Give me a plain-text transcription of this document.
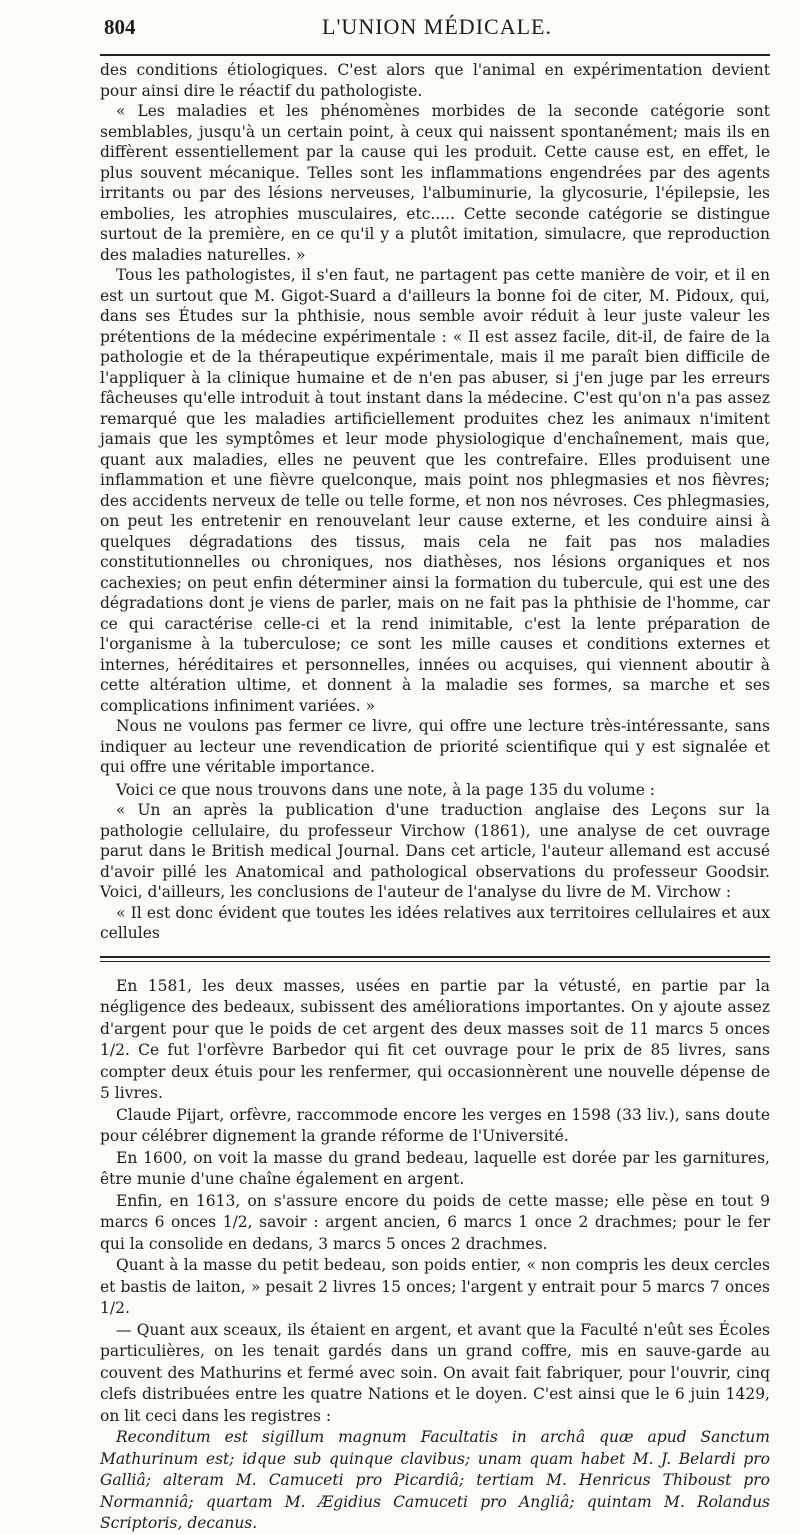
804	L'UNION MÉDICALE.

des conditions étiologiques. C'est alors que l'animal en expérimentation devient pour ainsi dire le réactif du pathologiste.

« Les maladies et les phénomènes morbides de la seconde catégorie sont semblables, jusqu'à un certain point, à ceux qui naissent spontanément; mais ils en diffèrent essentiellement par la cause qui les produit. Cette cause est, en effet, le plus souvent mécanique. Telles sont les inflammations engendrées par des agents irritants ou par des lésions nerveuses, l'albuminurie, la glycosurie, l'épilepsie, les embolies, les atrophies musculaires, etc..... Cette seconde catégorie se distingue surtout de la première, en ce qu'il y a plutôt imitation, simulacre, que reproduction des maladies naturelles. »

Tous les pathologistes, il s'en faut, ne partagent pas cette manière de voir, et il en est un surtout que M. Gigot-Suard a d'ailleurs la bonne foi de citer, M. Pidoux, qui, dans ses Études sur la phthisie, nous semble avoir réduit à leur juste valeur les prétentions de la médecine expérimentale : « Il est assez facile, dit-il, de faire de la pathologie et de la thérapeutique expérimentale, mais il me paraît bien difficile de l'appliquer à la clinique humaine et de n'en pas abuser, si j'en juge par les erreurs fâcheuses qu'elle introduit à tout instant dans la médecine. C'est qu'on n'a pas assez remarqué que les maladies artificiellement produites chez les animaux n'imitent jamais que les symptômes et leur mode physiologique d'enchaînement, mais que, quant aux maladies, elles ne peuvent que les contrefaire. Elles produisent une inflammation et une fièvre quelconque, mais point nos phlegmasies et nos fièvres; des accidents nerveux de telle ou telle forme, et non nos névroses. Ces phlegmasies, on peut les entretenir en renouvelant leur cause externe, et les conduire ainsi à quelques dégradations des tissus, mais cela ne fait pas nos maladies constitutionnelles ou chroniques, nos diathèses, nos lésions organiques et nos cachexies; on peut enfin déterminer ainsi la formation du tubercule, qui est une des dégradations dont je viens de parler, mais on ne fait pas la phthisie de l'homme, car ce qui caractérise celle-ci et la rend inimitable, c'est la lente préparation de l'organisme à la tuberculose; ce sont les mille causes et conditions externes et internes, héréditaires et personnelles, innées ou acquises, qui viennent aboutir à cette altération ultime, et donnent à la maladie ses formes, sa marche et ses complications infiniment variées. »

Nous ne voulons pas fermer ce livre, qui offre une lecture très-intéressante, sans indiquer au lecteur une revendication de priorité scientifique qui y est signalée et qui offre une véritable importance.

Voici ce que nous trouvons dans une note, à la page 135 du volume :

« Un an après la publication d'une traduction anglaise des Leçons sur la pathologie cellulaire, du professeur Virchow (1861), une analyse de cet ouvrage parut dans le British medical Journal. Dans cet article, l'auteur allemand est accusé d'avoir pillé les Anatomical and pathological observations du professeur Goodsir. Voici, d'ailleurs, les conclusions de l'auteur de l'analyse du livre de M. Virchow :

« Il est donc évident que toutes les idées relatives aux territoires cellulaires et aux cellules

En 1581, les deux masses, usées en partie par la vétusté, en partie par la négligence des bedeaux, subissent des améliorations importantes. On y ajoute assez d'argent pour que le poids de cet argent des deux masses soit de 11 marcs 5 onces 1/2. Ce fut l'orfèvre Barbedor qui fit cet ouvrage pour le prix de 85 livres, sans compter deux étuis pour les renfermer, qui occasionnèrent une nouvelle dépense de 5 livres.

Claude Pijart, orfèvre, raccommode encore les verges en 1598 (33 liv.), sans doute pour célébrer dignement la grande réforme de l'Université.

En 1600, on voit la masse du grand bedeau, laquelle est dorée par les garnitures, être munie d'une chaîne également en argent.

Enfin, en 1613, on s'assure encore du poids de cette masse; elle pèse en tout 9 marcs 6 onces 1/2, savoir : argent ancien, 6 marcs 1 once 2 drachmes; pour le fer qui la consolide en dedans, 3 marcs 5 onces 2 drachmes.

Quant à la masse du petit bedeau, son poids entier, « non compris les deux cercles et bastis de laiton, » pesait 2 livres 15 onces; l'argent y entrait pour 5 marcs 7 onces 1/2.

— Quant aux sceaux, ils étaient en argent, et avant que la Faculté n'eût ses Écoles particulières, on les tenait gardés dans un grand coffre, mis en sauve-garde au couvent des Mathurins et fermé avec soin. On avait fait fabriquer, pour l'ouvrir, cinq clefs distribuées entre les quatre Nations et le doyen. C'est ainsi que le 6 juin 1429, on lit ceci dans les registres :

Reconditum est sigillum magnum Facultatis in archâ quæ apud Sanctum Mathurinum est; idque sub quinque clavibus; unam quam habet M. J. Belardi pro Galliâ; alteram M. Camuceti pro Picardiâ; tertiam M. Henricus Thiboust pro Normanniâ; quartam M. Ægidius Camuceti pro Angliâ; quintam M. Rolandus Scriptoris, decanus.
